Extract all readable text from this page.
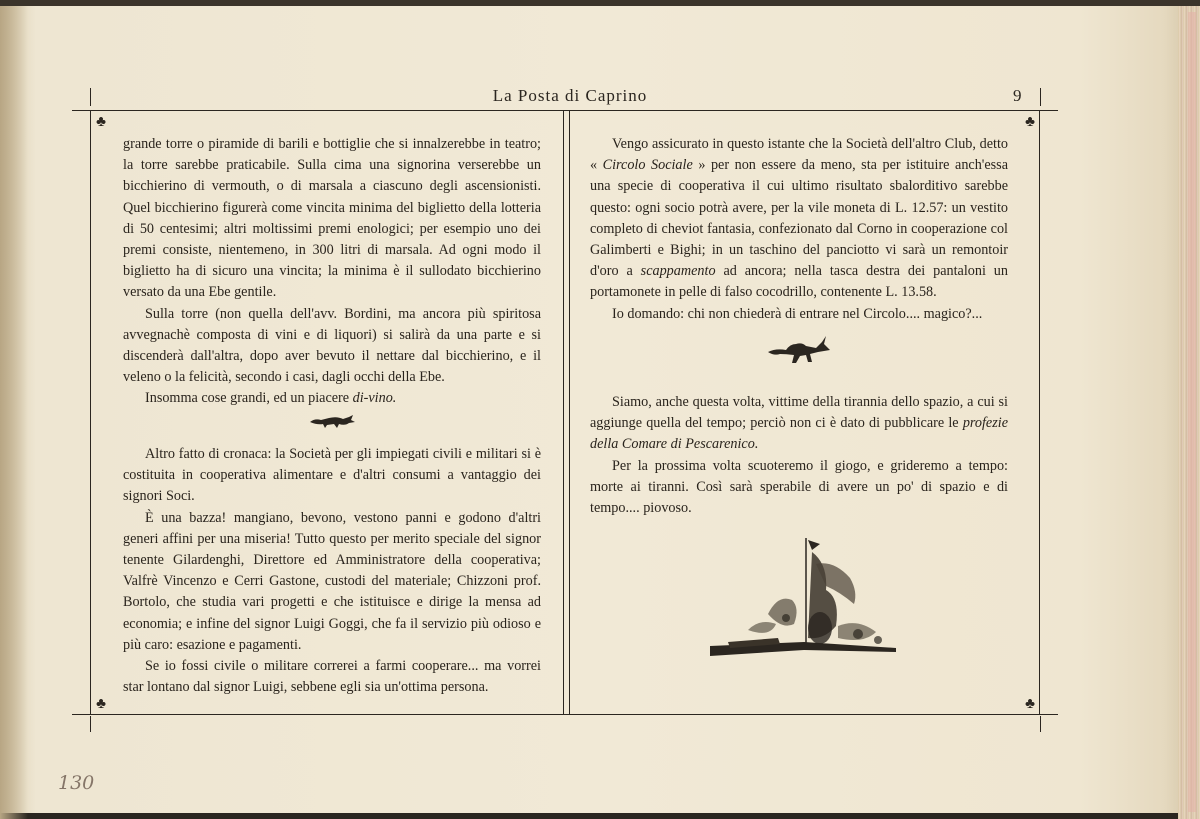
La Posta di Caprino	9
♣	♣
♣	♣

grande torre o piramide di barili e bottiglie che si innalzerebbe in teatro; la torre sarebbe praticabile. Sulla cima una signorina verserebbe un bicchierino di vermouth, o di marsala a ciascuno degli ascensionisti. Quel bicchierino figurerà come vincita minima del biglietto della lotteria di 50 centesimi; altri moltissimi premi enologici; per esempio uno dei premi consiste, nientemeno, in 300 litri di marsala. Ad ogni modo il biglietto ha di sicuro una vincita; la minima è il sullodato bicchierino versato da una Ebe gentile.

Sulla torre (non quella dell'avv. Bordini, ma ancora più spiritosa avvegnachè composta di vini e di liquori) si salirà da una parte e si discenderà dall'altra, dopo aver bevuto il nettare dal bicchierino, e il veleno o la felicità, secondo i casi, dagli occhi della Ebe.

Insomma cose grandi, ed un piacere di-vino.

Altro fatto di cronaca: la Società per gli impiegati civili e militari si è costituita in cooperativa alimentare e d'altri consumi a vantaggio dei signori Soci.

È una bazza! mangiano, bevono, vestono panni e godono d'altri generi affini per una miseria! Tutto questo per merito speciale del signor tenente Gilardenghi, Direttore ed Amministratore della cooperativa; Valfrè Vincenzo e Cerri Gastone, custodi del materiale; Chizzoni prof. Bortolo, che studia vari progetti e che istituisce e dirige la mensa ad economia; e infine del signor Luigi Goggi, che fa il servizio più odioso e più caro: esazione e pagamenti.

Se io fossi civile o militare correrei a farmi cooperare... ma vorrei star lontano dal signor Luigi, sebbene egli sia un'ottima persona.

Vengo assicurato in questo istante che la Società dell'altro Club, detto « Circolo Sociale » per non essere da meno, sta per istituire anch'essa una specie di cooperativa il cui ultimo risultato sbalorditivo sarebbe questo: ogni socio potrà avere, per la vile moneta di L. 12.57: un vestito completo di cheviot fantasia, confezionato dal Corno in cooperazione col Galimberti e Bighi; in un taschino del panciotto vi sarà un remontoir d'oro a scappamento ad ancora; nella tasca destra dei pantaloni un portamonete in pelle di falso cocodrillo, contenente L. 13.58.

Io domando: chi non chiederà di entrare nel Circolo.... magico?...

Siamo, anche questa volta, vittime della tirannia dello spazio, a cui si aggiunge quella del tempo; perciò non ci è dato di pubblicare le profezie della Comare di Pescarenico.

Per la prossima volta scuoteremo il giogo, e grideremo a tempo: morte ai tiranni. Così sarà sperabile di avere un po' di spazio e di tempo.... piovoso.

130
